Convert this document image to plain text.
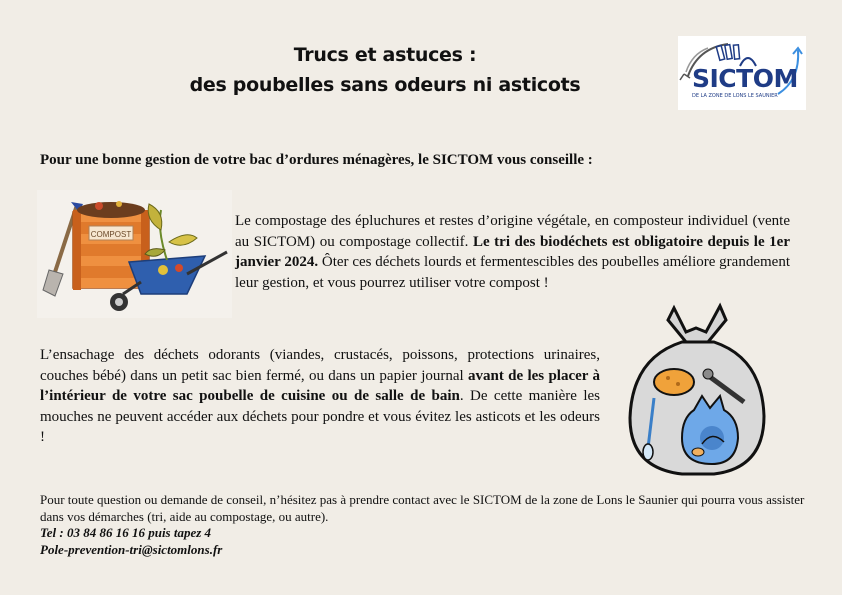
Trucs et astuces :
des poubelles sans odeurs ni asticots	SICTOM
DE LA ZONE DE LONS LE SAUNIER
Pour une bonne gestion de votre bac d’ordures ménagères, le SICTOM vous conseille :
COMPOST
Le compostage des épluchures et restes d’origine végétale, en composteur individuel (vente au SICTOM) ou compostage collectif. Le tri des biodéchets est obligatoire depuis le 1er janvier 2024. Ôter ces déchets lourds et fermentescibles des poubelles améliore grandement leur gestion, et vous pourrez utiliser votre compost !
L’ensachage des déchets odorants (viandes, crustacés, poissons, protections urinaires, couches bébé) dans un petit sac bien fermé, ou dans un papier journal avant de les placer à l’intérieur de votre sac poubelle de cuisine ou de salle de bain. De cette manière les mouches ne peuvent accéder aux déchets pour pondre et vous évitez les asticots et les odeurs !
Pour toute question ou demande de conseil, n’hésitez pas à prendre contact avec le SICTOM de la zone de Lons le Saunier qui pourra vous assister dans vos démarches (tri, aide au compostage, ou autre).
Tel : 03 84 86 16 16 puis tapez 4
Pole-prevention-tri@sictomlons.fr
